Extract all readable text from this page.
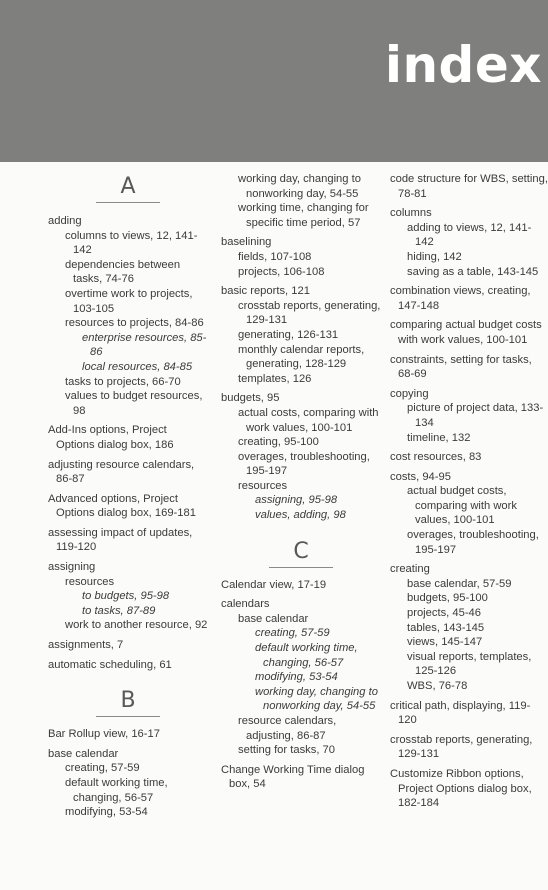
index
A
adding
columns to views, 12, 141-142
dependencies between tasks, 74-76
overtime work to projects, 103-105
resources to projects, 84-86
enterprise resources, 85-86
local resources, 84-85
tasks to projects, 66-70
values to budget resources, 98
Add-Ins options, Project Options dialog box, 186
adjusting resource calendars, 86-87
Advanced options, Project Options dialog box, 169-181
assessing impact of updates, 119-120
assigning
resources
to budgets, 95-98
to tasks, 87-89
work to another resource, 92
assignments, 7
automatic scheduling, 61
B
Bar Rollup view, 16-17
base calendar
creating, 57-59
default working time, changing, 56-57
modifying, 53-54
working day, changing to nonworking day, 54-55
working time, changing for specific time period, 57
baselining
fields, 107-108
projects, 106-108
basic reports, 121
crosstab reports, generating, 129-131
generating, 126-131
monthly calendar reports, generating, 128-129
templates, 126
budgets, 95
actual costs, comparing with work values, 100-101
creating, 95-100
overages, troubleshooting, 195-197
resources
assigning, 95-98
values, adding, 98
C
Calendar view, 17-19
calendars
base calendar
creating, 57-59
default working time, changing, 56-57
modifying, 53-54
working day, changing to nonworking day, 54-55
resource calendars, adjusting, 86-87
setting for tasks, 70
Change Working Time dialog box, 54
code structure for WBS, setting, 78-81
columns
adding to views, 12, 141-142
hiding, 142
saving as a table, 143-145
combination views, creating, 147-148
comparing actual budget costs with work values, 100-101
constraints, setting for tasks, 68-69
copying
picture of project data, 133-134
timeline, 132
cost resources, 83
costs, 94-95
actual budget costs, comparing with work values, 100-101
overages, troubleshooting, 195-197
creating
base calendar, 57-59
budgets, 95-100
projects, 45-46
tables, 143-145
views, 145-147
visual reports, templates, 125-126
WBS, 76-78
critical path, displaying, 119-120
crosstab reports, generating, 129-131
Customize Ribbon options, Project Options dialog box, 182-184
